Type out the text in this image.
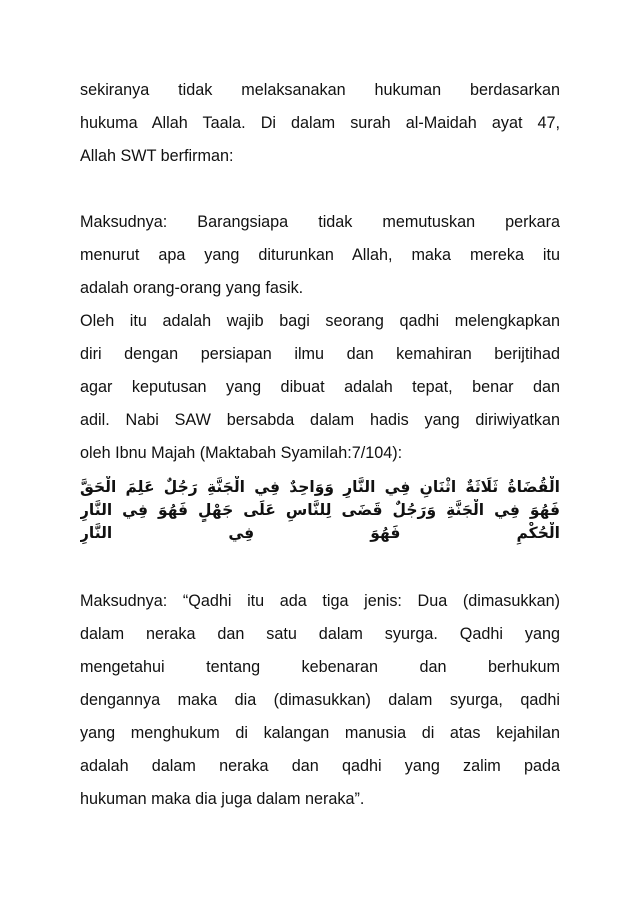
sekiranya tidak melaksanakan hukuman berdasarkan
hukuma Allah Taala. Di dalam surah al-Maidah ayat 47,
Allah SWT berfirman:

Maksudnya: Barangsiapa tidak memutuskan perkara
menurut apa yang diturunkan Allah, maka mereka itu
adalah orang-orang yang fasik.

Oleh itu adalah wajib bagi seorang qadhi melengkapkan
diri dengan persiapan ilmu dan kemahiran berijtihad
agar keputusan yang dibuat adalah tepat, benar dan
adil. Nabi SAW bersabda dalam hadis yang diriwiyatkan
oleh Ibnu Majah (Maktabah Syamilah:7/104):

الْقُضَاةُ ثَلَاثَةٌ اثْنَانِ فِي النَّارِ وَوَاحِدٌ فِي الْجَنَّةِ رَجُلٌ عَلِمَ الْحَقَّ
فَهُوَ فِي الْجَنَّةِ وَرَجُلٌ قَضَى لِلنَّاسِ عَلَى جَهْلٍ فَهُوَ فِي النَّارِ
الْحُكْمِ فَهُوَ فِي النَّارِ

Maksudnya: “Qadhi itu ada tiga jenis: Dua (dimasukkan)
dalam neraka dan satu dalam syurga. Qadhi yang
mengetahui tentang kebenaran dan berhukum
dengannya maka dia (dimasukkan) dalam syurga, qadhi
yang menghukum di kalangan manusia di atas kejahilan
adalah dalam neraka dan qadhi yang zalim pada
hukuman maka dia juga dalam neraka”.
